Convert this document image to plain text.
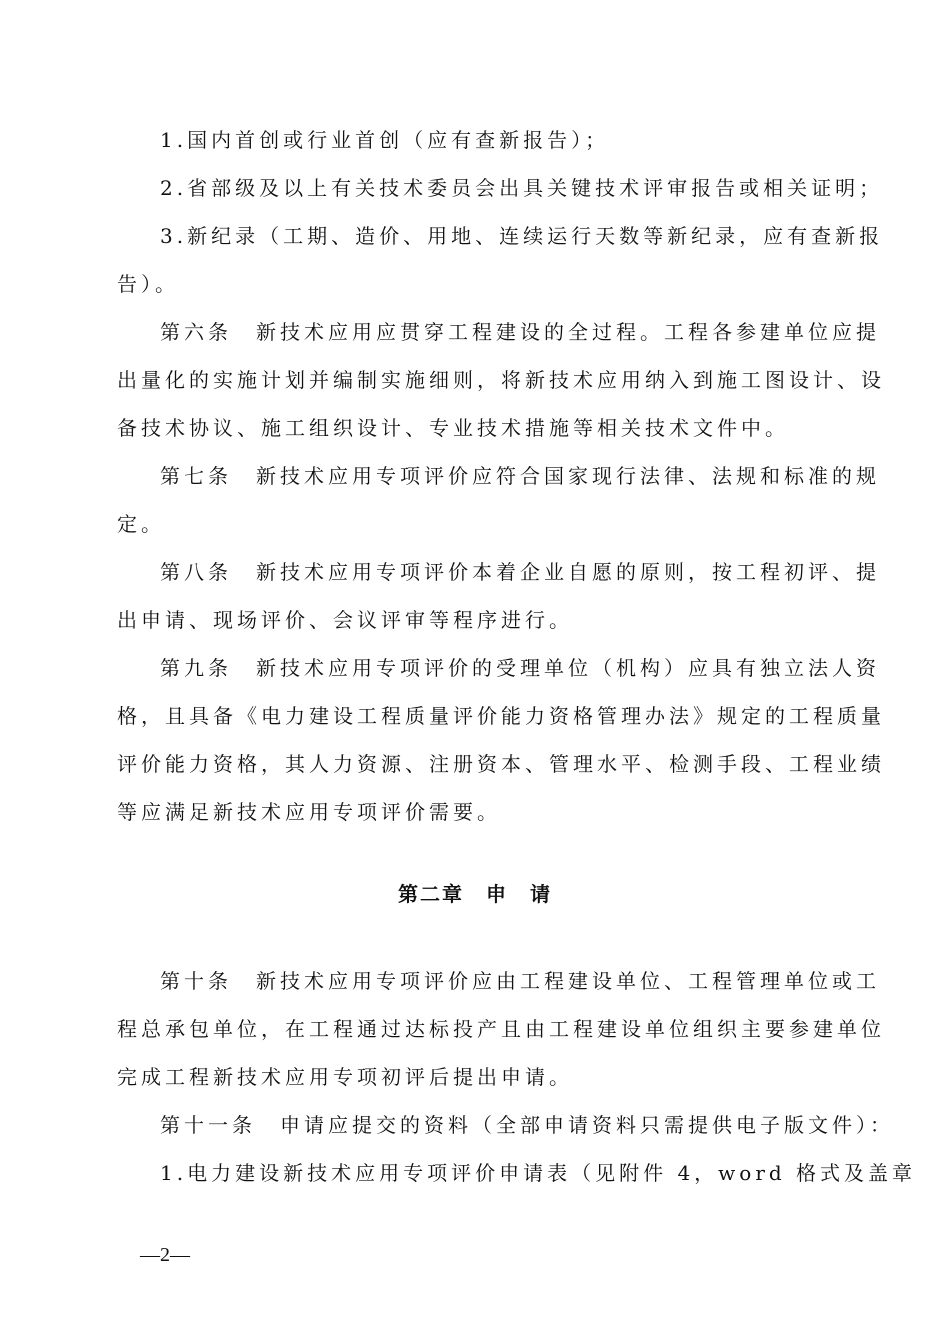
1.国内首创或行业首创（应有查新报告）；
2.省部级及以上有关技术委员会出具关键技术评审报告或相关证明；
3.新纪录（工期、造价、用地、连续运行天数等新纪录，应有查新报
告）。
第六条　新技术应用应贯穿工程建设的全过程。工程各参建单位应提
出量化的实施计划并编制实施细则，将新技术应用纳入到施工图设计、设
备技术协议、施工组织设计、专业技术措施等相关技术文件中。
第七条　新技术应用专项评价应符合国家现行法律、法规和标准的规
定。
第八条　新技术应用专项评价本着企业自愿的原则，按工程初评、提
出申请、现场评价、会议评审等程序进行。
第九条　新技术应用专项评价的受理单位（机构）应具有独立法人资
格，且具备《电力建设工程质量评价能力资格管理办法》规定的工程质量
评价能力资格，其人力资源、注册资本、管理水平、检测手段、工程业绩
等应满足新技术应用专项评价需要。
第二章　申　请
第十条　新技术应用专项评价应由工程建设单位、工程管理单位或工
程总承包单位，在工程通过达标投产且由工程建设单位组织主要参建单位
完成工程新技术应用专项初评后提出申请。
第十一条　申请应提交的资料（全部申请资料只需提供电子版文件）：
1.电力建设新技术应用专项评价申请表（见附件 4，word 格式及盖章
—2—
